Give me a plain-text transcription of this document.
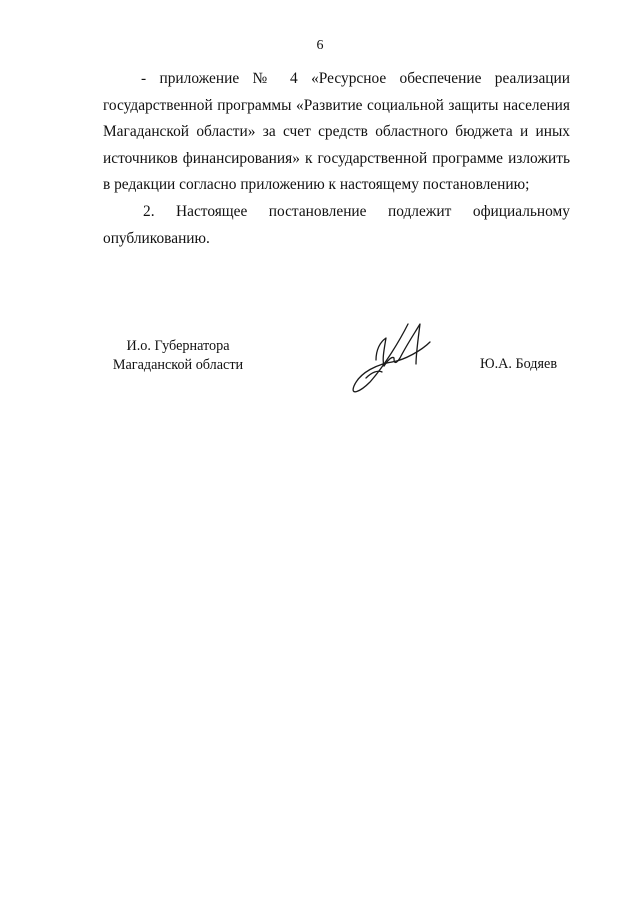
6

- приложение № 4 «Ресурсное обеспечение реализации государственной программы «Развитие социальной защиты населения Магаданской области» за счет средств областного бюджета и иных источников финансирования» к государственной программе изложить в редакции согласно приложению к настоящему постановлению;

2. Настоящее постановление подлежит официальному опубликованию.

И.о. Губернатора
Магаданской области	Ю.А. Бодяев
